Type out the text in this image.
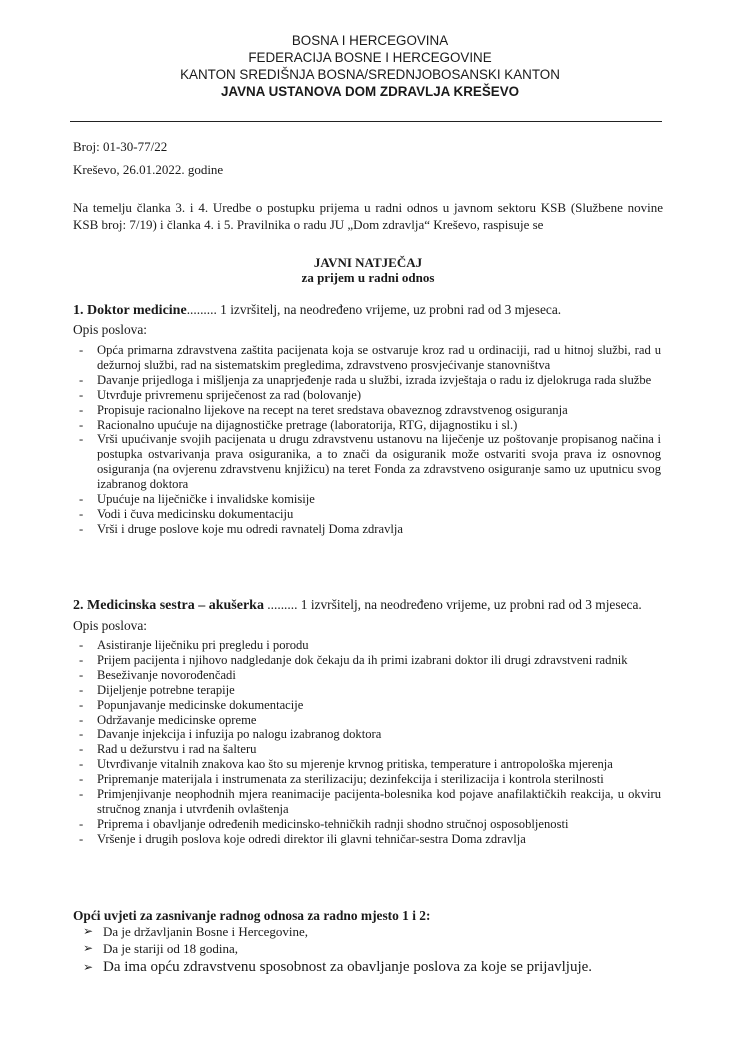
BOSNA I HERCEGOVINA
FEDERACIJA BOSNE I HERCEGOVINE
KANTON SREDIŠNJA BOSNA/SREDNJOBOSANSKI KANTON
JAVNA USTANOVA DOM ZDRAVLJA KREŠEVO
Broj: 01-30-77/22
Kreševo, 26.01.2022. godine
Na temelju članka 3. i 4. Uredbe o postupku prijema u radni odnos u javnom sektoru KSB (Službene novine KSB broj: 7/19) i članka 4. i 5. Pravilnika o radu JU „Dom zdravlja“ Kreševo, raspisuje se
JAVNI NATJEČAJ
za prijem u radni odnos
1. Doktor medicine......... 1 izvršitelj, na neodređeno vrijeme, uz probni rad od 3 mjeseca.
Opis poslova:
- Opća primarna zdravstvena zaštita pacijenata koja se ostvaruje kroz rad u ordinaciji, rad u hitnoj službi, rad u dežurnoj službi, rad na sistematskim pregledima, zdravstveno prosvjećivanje stanovništva
- Davanje prijedloga i mišljenja za unaprjeđenje rada u službi, izrada izvještaja o radu iz djelokruga rada službe
- Utvrđuje privremenu spriječenost za rad (bolovanje)
- Propisuje racionalno lijekove na recept na teret sredstava obaveznog zdravstvenog osiguranja
- Racionalno upućuje na dijagnostičke pretrage (laboratorija, RTG, dijagnostiku i sl.)
- Vrši upućivanje svojih pacijenata u drugu zdravstvenu ustanovu na liječenje uz poštovanje propisanog načina i postupka ostvarivanja prava osiguranika, a to znači da osiguranik može ostvariti svoja prava iz osnovnog osiguranja (na ovjerenu zdravstvenu knjižicu) na teret Fonda za zdravstveno osiguranje samo uz uputnicu svog izabranog doktora
- Upućuje na liječničke i invalidske komisije
- Vodi i čuva medicinsku dokumentaciju
- Vrši i druge poslove koje mu odredi ravnatelj Doma zdravlja
2. Medicinska sestra – akušerka ......... 1 izvršitelj, na neodređeno vrijeme, uz probni rad od 3 mjeseca.
Opis poslova:
- Asistiranje liječniku pri pregledu i porodu
- Prijem pacijenta i njihovo nadgledanje dok čekaju da ih primi izabrani doktor ili drugi zdravstveni radnik
- Beseživanje novorođenčadi
- Dijeljenje potrebne terapije
- Popunjavanje medicinske dokumentacije
- Održavanje medicinske opreme
- Davanje injekcija i infuzija po nalogu izabranog doktora
- Rad u dežurstvu i rad na šalteru
- Utvrđivanje vitalnih znakova kao što su mjerenje krvnog pritiska, temperature i antropološka mjerenja
- Pripremanje materijala i instrumenata za sterilizaciju; dezinfekcija i sterilizacija i kontrola sterilnosti
- Primjenjivanje neophodnih mjera reanimacije pacijenta-bolesnika kod pojave anafilaktičkih reakcija, u okviru stručnog znanja i utvrđenih ovlaštenja
- Priprema i obavljanje određenih medicinsko-tehničkih radnji shodno stručnoj osposobljenosti
- Vršenje i drugih poslova koje odredi direktor ili glavni tehničar-sestra Doma zdravlja
Opći uvjeti za zasnivanje radnog odnosa za radno mjesto 1 i 2:
➢ Da je državljanin Bosne i Hercegovine,
➢ Da je stariji od 18 godina,
➢ Da ima opću zdravstvenu sposobnost za obavljanje poslova za koje se prijavljuje.
